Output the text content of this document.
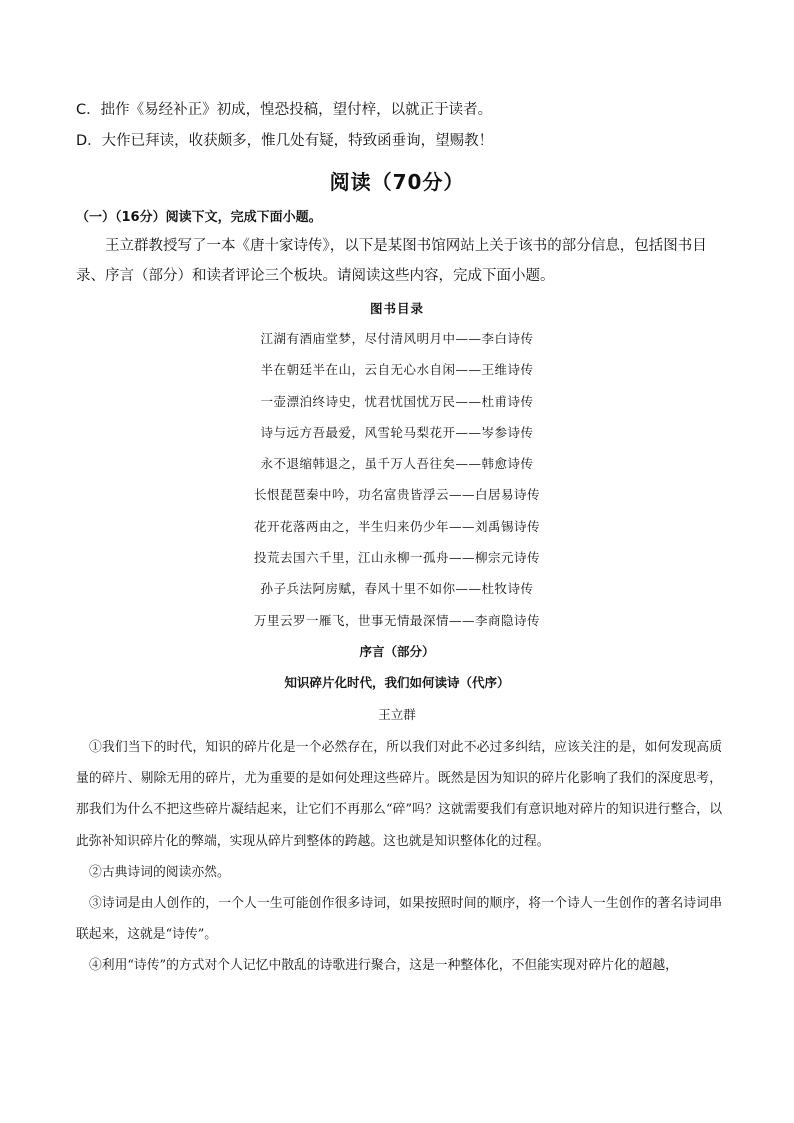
C．拙作《易经补正》初成，惶恐投稿，望付梓，以就正于读者。
D．大作已拜读，收获颇多，惟几处有疑，特致函垂询，望赐教！
阅读（70分）
（一）（16分）阅读下文，完成下面小题。

王立群教授写了一本《唐十家诗传》，以下是某图书馆网站上关于该书的部分信息，包括图书目录、序言（部分）和读者评论三个板块。请阅读这些内容，完成下面小题。

图书目录
江湖有酒庙堂梦，尽付清风明月中——李白诗传
半在朝廷半在山，云自无心水自闲——王维诗传
一壶漂泊终诗史，忧君忧国忧万民——杜甫诗传
诗与远方吾最爱，风雪轮马梨花开——岑参诗传
永不退缩韩退之，虽千万人吾往矣——韩愈诗传
长恨琵琶秦中吟，功名富贵皆浮云——白居易诗传
花开花落两由之，半生归来仍少年——刘禹锡诗传
投荒去国六千里，江山永柳一孤舟——柳宗元诗传
孙子兵法阿房赋，春风十里不如你——杜牧诗传
万里云罗一雁飞，世事无情最深情——李商隐诗传
序言（部分）
知识碎片化时代，我们如何读诗（代序）
王立群

①我们当下的时代，知识的碎片化是一个必然存在，所以我们对此不必过多纠结，应该关注的是，如何发现高质量的碎片、剔除无用的碎片，尤为重要的是如何处理这些碎片。既然是因为知识的碎片化影响了我们的深度思考，那我们为什么不把这些碎片凝结起来，让它们不再那么“碎”吗？这就需要我们有意识地对碎片的知识进行整合，以此弥补知识碎片化的弊端，实现从碎片到整体的跨越。这也就是知识整体化的过程。

②古典诗词的阅读亦然。

③诗词是由人创作的，一个人一生可能创作很多诗词，如果按照时间的顺序，将一个诗人一生创作的著名诗词串联起来，这就是“诗传”。

④利用“诗传”的方式对个人记忆中散乱的诗歌进行聚合，这是一种整体化，不但能实现对碎片化的超越，
